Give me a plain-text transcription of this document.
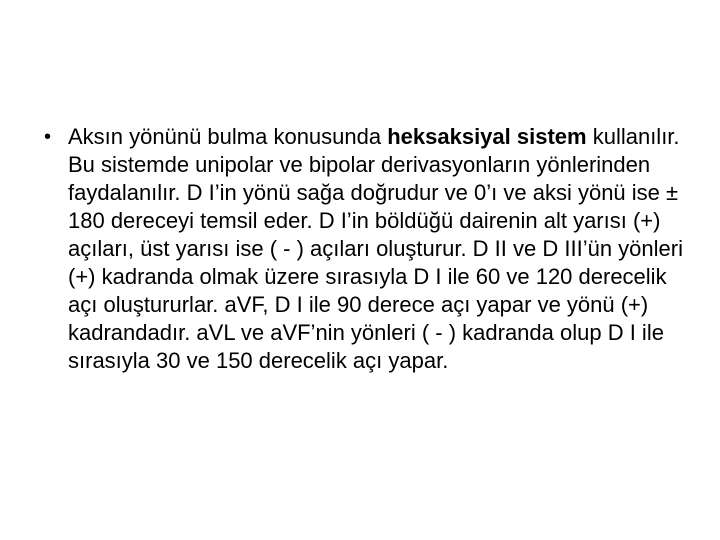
• Aksın yönünü bulma konusunda heksaksiyal sistem kullanılır. Bu sistemde unipolar ve bipolar derivasyonların yönlerinden faydalanılır. D I’in yönü sağa doğrudur ve 0’ı ve aksi yönü ise ± 180 dereceyi temsil eder. D I’in böldüğü dairenin alt yarısı (+) açıları, üst yarısı ise ( - ) açıları oluşturur. D II ve D III’ün yönleri (+) kadranda olmak üzere sırasıyla D I ile 60 ve 120 derecelik açı oluştururlar. aVF, D I ile 90 derece açı yapar ve yönü (+) kadrandadır. aVL ve aVF’nin yönleri ( - ) kadranda olup D I ile sırasıyla 30 ve 150 derecelik açı yapar.
